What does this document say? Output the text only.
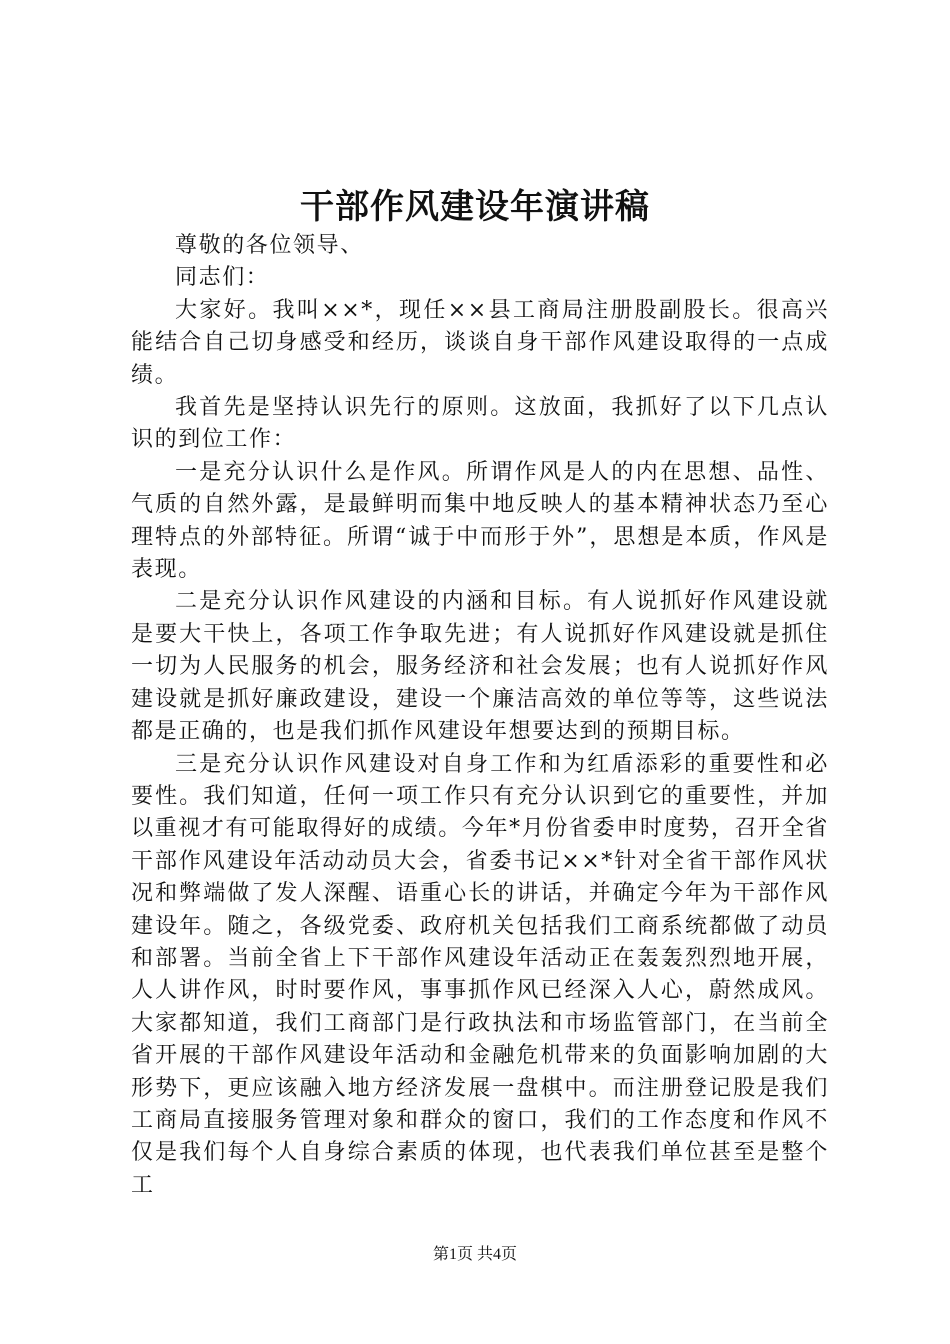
干部作风建设年演讲稿

尊敬的各位领导、

同志们：

大家好。我叫××*，现任××县工商局注册股副股长。很高兴能结合自己切身感受和经历，谈谈自身干部作风建设取得的一点成绩。

我首先是坚持认识先行的原则。这放面，我抓好了以下几点认识的到位工作：

一是充分认识什么是作风。所谓作风是人的内在思想、品性、气质的自然外露，是最鲜明而集中地反映人的基本精神状态乃至心理特点的外部特征。所谓“诚于中而形于外”，思想是本质，作风是表现。

二是充分认识作风建设的内涵和目标。有人说抓好作风建设就是要大干快上，各项工作争取先进；有人说抓好作风建设就是抓住一切为人民服务的机会，服务经济和社会发展；也有人说抓好作风建设就是抓好廉政建设，建设一个廉洁高效的单位等等，这些说法都是正确的，也是我们抓作风建设年想要达到的预期目标。

三是充分认识作风建设对自身工作和为红盾添彩的重要性和必要性。我们知道，任何一项工作只有充分认识到它的重要性，并加以重视才有可能取得好的成绩。今年*月份省委申时度势，召开全省干部作风建设年活动动员大会，省委书记××*针对全省干部作风状况和弊端做了发人深醒、语重心长的讲话，并确定今年为干部作风建设年。随之，各级党委、政府机关包括我们工商系统都做了动员和部署。当前全省上下干部作风建设年活动正在轰轰烈烈地开展，人人讲作风，时时要作风，事事抓作风已经深入人心，蔚然成风。大家都知道，我们工商部门是行政执法和市场监管部门，在当前全省开展的干部作风建设年活动和金融危机带来的负面影响加剧的大形势下，更应该融入地方经济发展一盘棋中。而注册登记股是我们工商局直接服务管理对象和群众的窗口，我们的工作态度和作风不仅是我们每个人自身综合素质的体现，也代表我们单位甚至是整个工

第1页 共4页
